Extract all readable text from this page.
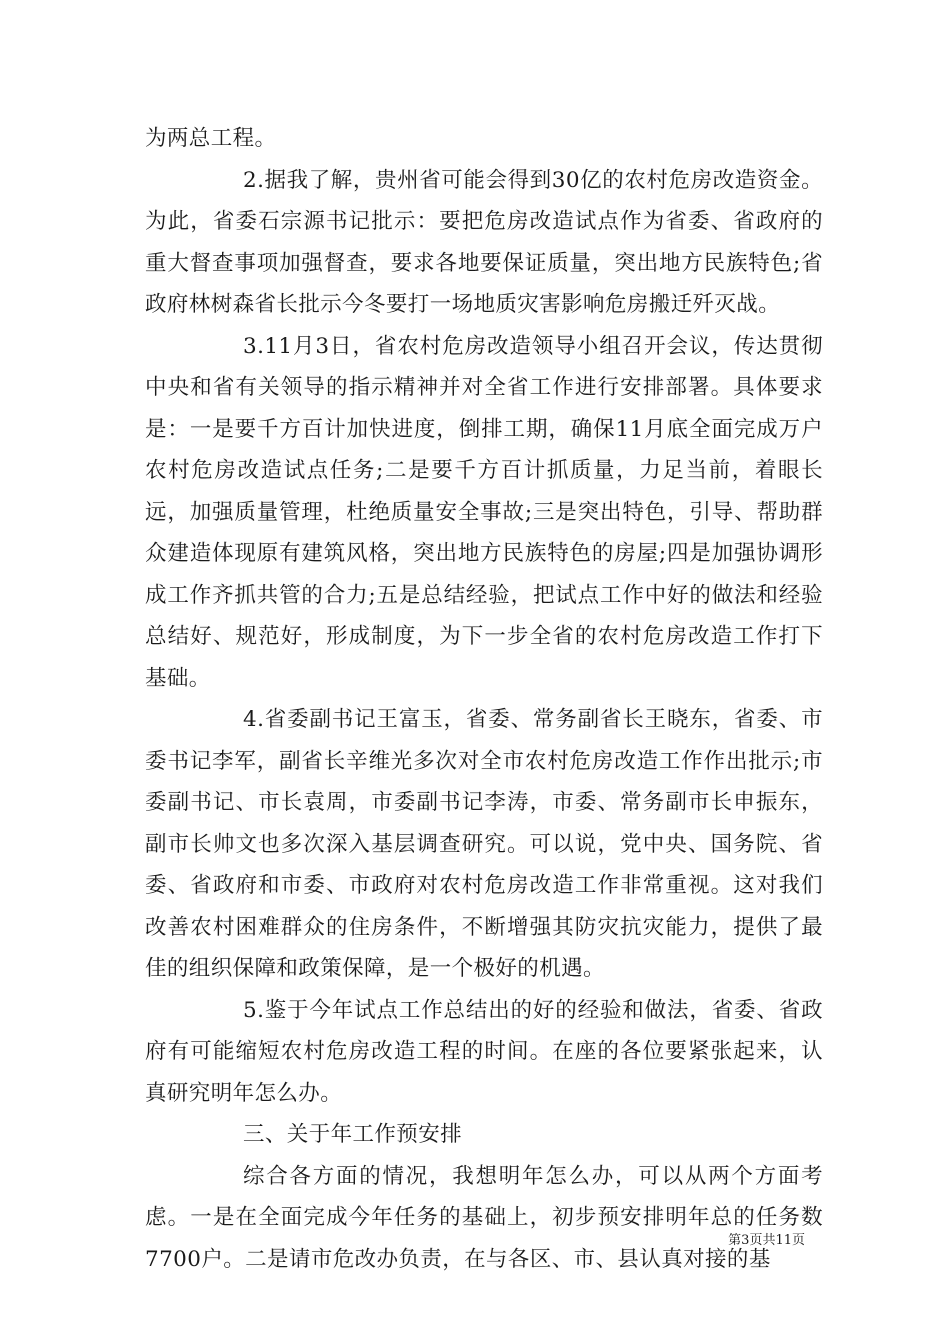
为两总工程。

2.据我了解，贵州省可能会得到30亿的农村危房改造资金。为此，省委石宗源书记批示：要把危房改造试点作为省委、省政府的重大督查事项加强督查，要求各地要保证质量，突出地方民族特色;省政府林树森省长批示今冬要打一场地质灾害影响危房搬迁歼灭战。

3.11月3日，省农村危房改造领导小组召开会议，传达贯彻中央和省有关领导的指示精神并对全省工作进行安排部署。具体要求是：一是要千方百计加快进度，倒排工期，确保11月底全面完成万户农村危房改造试点任务;二是要千方百计抓质量，力足当前，着眼长远，加强质量管理，杜绝质量安全事故;三是突出特色，引导、帮助群众建造体现原有建筑风格，突出地方民族特色的房屋;四是加强协调形成工作齐抓共管的合力;五是总结经验，把试点工作中好的做法和经验总结好、规范好，形成制度，为下一步全省的农村危房改造工作打下基础。

4.省委副书记王富玉，省委、常务副省长王晓东，省委、市委书记李军，副省长辛维光多次对全市农村危房改造工作作出批示;市委副书记、市长袁周，市委副书记李涛，市委、常务副市长申振东，副市长帅文也多次深入基层调查研究。可以说，党中央、国务院、省委、省政府和市委、市政府对农村危房改造工作非常重视。这对我们改善农村困难群众的住房条件，不断增强其防灾抗灾能力，提供了最佳的组织保障和政策保障，是一个极好的机遇。

5.鉴于今年试点工作总结出的好的经验和做法，省委、省政府有可能缩短农村危房改造工程的时间。在座的各位要紧张起来，认真研究明年怎么办。

三、关于年工作预安排

综合各方面的情况，我想明年怎么办，可以从两个方面考虑。一是在全面完成今年任务的基础上，初步预安排明年总的任务数7700户。二是请市危改办负责，在与各区、市、县认真对接的基

第3页共11页
